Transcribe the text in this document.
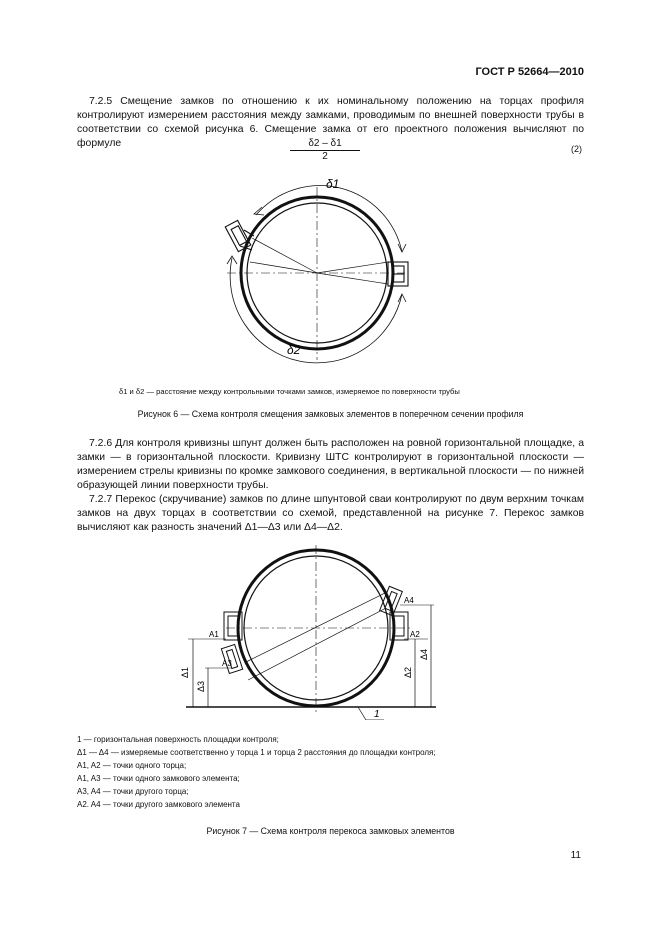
ГОСТ Р 52664—2010

7.2.5 Смещение замков по отношению к их номинальному положению на торцах профиля контролируют измерением расстояния между замками, проводимым по внешней поверхности трубы в соответствии со схемой рисунка 6. Смещение замка от его проектного положения вычисляют по формуле	$\frac{\delta 2 - \delta 1}{2}$	(2)
δ1
δ2
δ1 и δ2 — расстояние между контрольными точками замков, измеряемое по поверхности трубы
Рисунок 6 — Схема контроля смещения замковых элементов в поперечном сечении профиля

7.2.6 Для контроля кривизны шпунт должен быть расположен на ровной горизонтальной площадке, а замки — в горизонтальной плоскости. Кривизну ШТС контролируют в горизонтальной плоскости — измерением стрелы кривизны по кромке замкового соединения, в вертикальной плоскости — по нижней образующей линии поверхности трубы.

7.2.7 Перекос (скручивание) замков по длине шпунтовой сваи контролируют по двум верхним точкам замков на двух торцах в соответствии со схемой, представленной на рисунке 7. Перекос замков вычисляют как разность значений Δ1—Δ3 или Δ4—Δ2.

A1	A2
A3
A4
Δ1
Δ3
Δ2
Δ4
1
1 — горизонтальная поверхность площадки контроля;
Δ1 — Δ4 — измеряемые соответственно у торца 1 и торца 2 расстояния до площадки контроля;
A1, A2 — точки одного торца;
A1, A3 — точки одного замкового элемента;
A3, A4 — точки другого торца;
A2. A4 — точки другого замкового элемента
Рисунок 7 — Схема контроля перекоса замковых элементов
11
